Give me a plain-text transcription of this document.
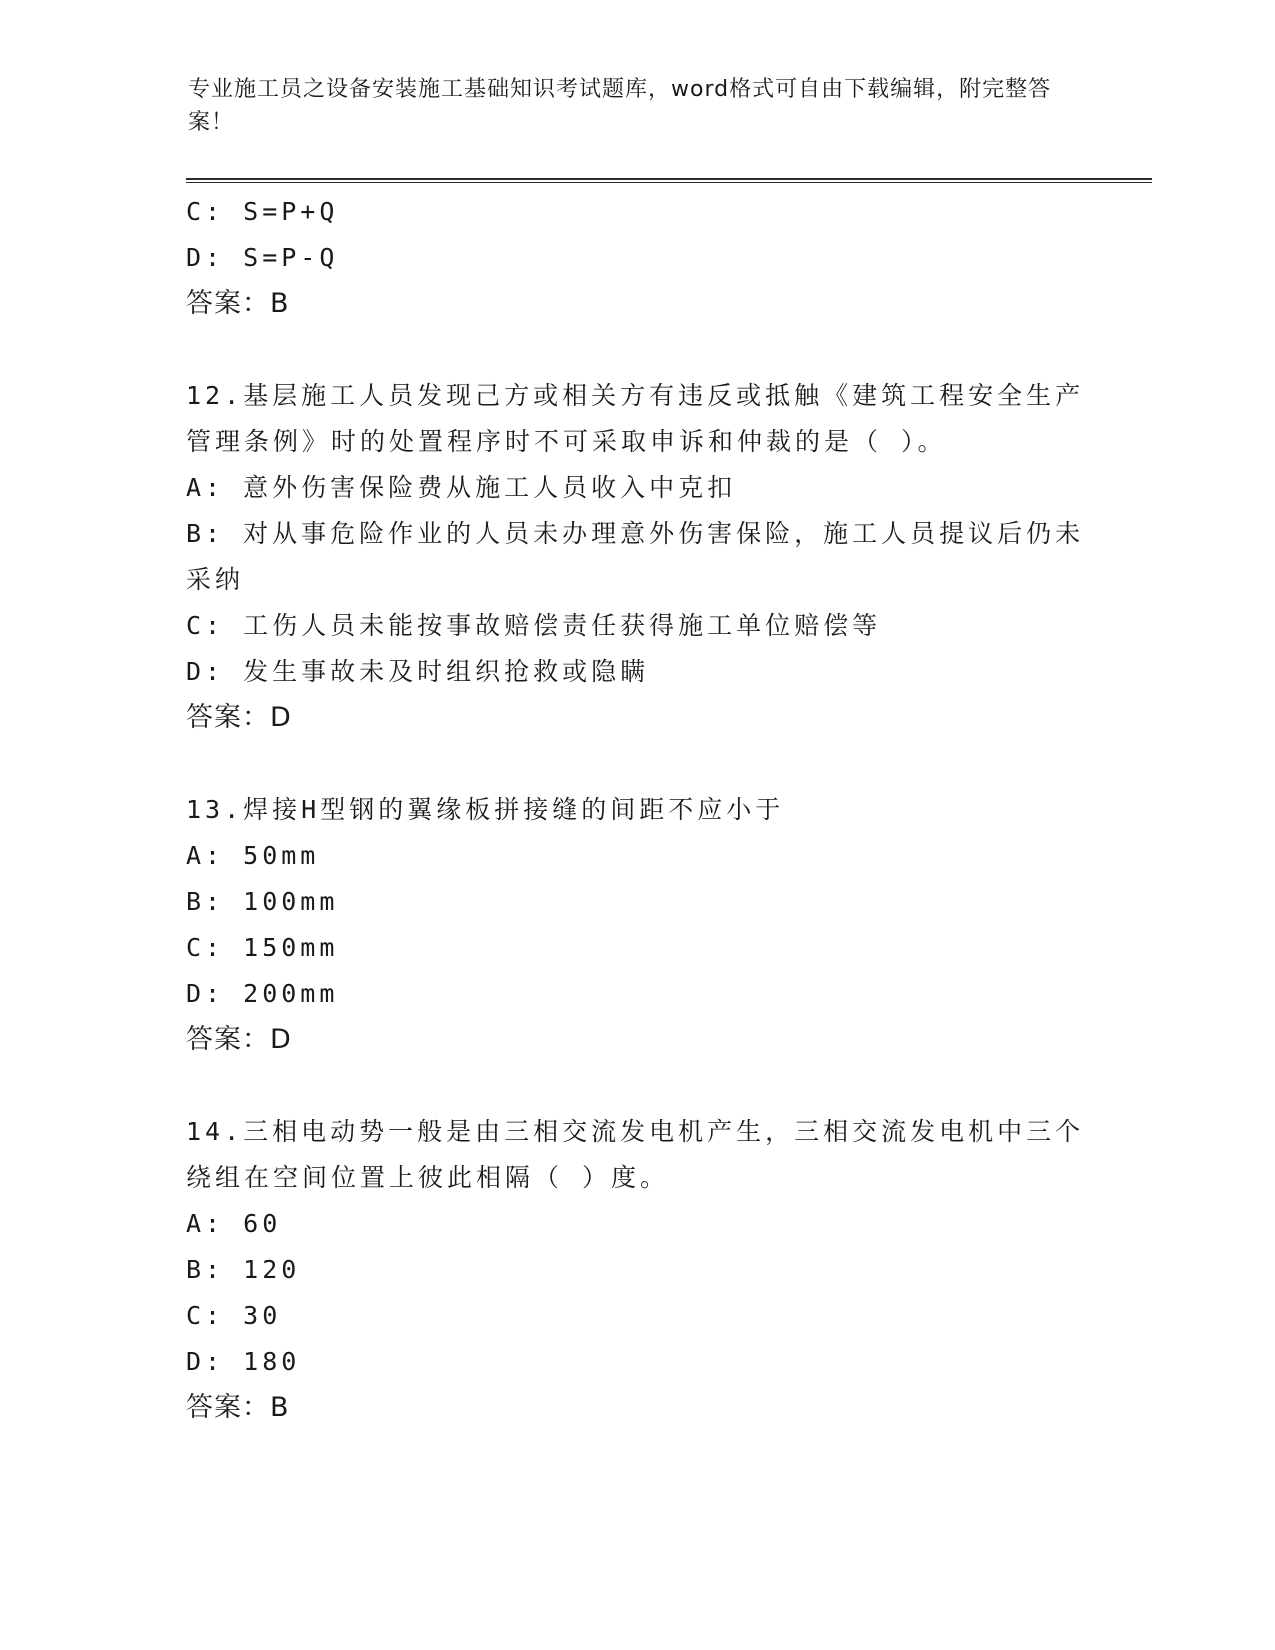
专业施工员之设备安装施工基础知识考试题库，word格式可自由下载编辑，附完整答案！
C: S=P+Q
D: S=P-Q
答案：B
12.基层施工人员发现己方或相关方有违反或抵触《建筑工程安全生产管理条例》时的处置程序时不可采取申诉和仲裁的是（ ）。
A: 意外伤害保险费从施工人员收入中克扣
B: 对从事危险作业的人员未办理意外伤害保险，施工人员提议后仍未采纳
C: 工伤人员未能按事故赔偿责任获得施工单位赔偿等
D: 发生事故未及时组织抢救或隐瞒
答案：D
13.焊接H型钢的翼缘板拼接缝的间距不应小于
A: 50mm
B: 100mm
C: 150mm
D: 200mm
答案：D
14.三相电动势一般是由三相交流发电机产生，三相交流发电机中三个绕组在空间位置上彼此相隔（ ）度。
A: 60
B: 120
C: 30
D: 180
答案：B
